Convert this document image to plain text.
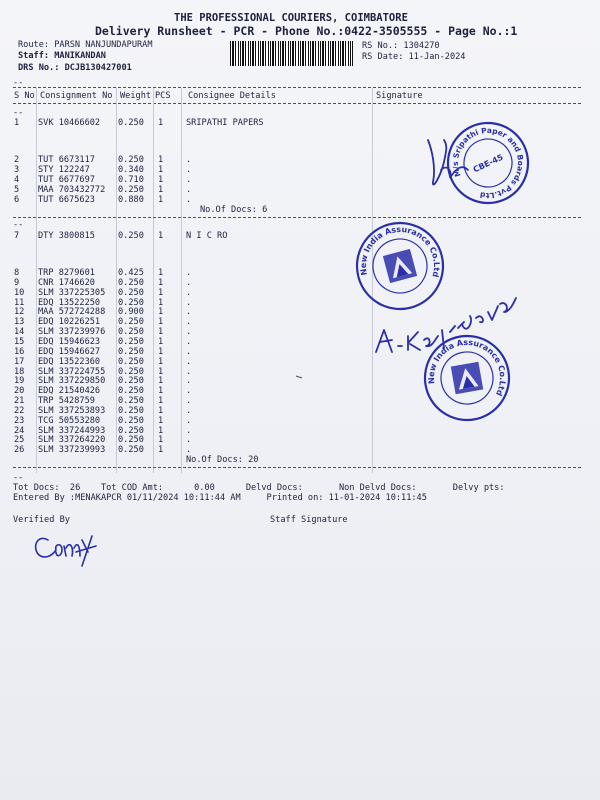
THE PROFESSIONAL COURIERS, COIMBATORE
Delivery Runsheet - PCR - Phone No.:0422-3505555 - Page No.:1
Route: PARSN NANJUNDAPURAM
Staff: MANIKANDAN
DRS No.: DCJB130427001
RS No.: 1304270
RS Date: 11-Jan-2024
--
S No Consignment No Weight PCS Consignee Details	Signature
--
1 SVK 10466602 0.250 1	SRIPATHI PAPERS
2 TUT 6673117	0.250 1	.
3 STY 122247	0.340 1	.
4 TUT 6677697	0.710 1	.
5 MAA 703432772 0.250 1	.
6 TUT 6675623	0.880 1	.
No.Of Docs: 6
--
7 DTY 3800815	0.250 1	N I C RO
8 TRP 8279601	0.425 1	.
9 CNR 1746620	0.250 1	.
10 SLM 337225305 0.250 1	.
11 EDQ 13522250 0.250 1	.
12 MAA 572724288 0.900 1	.
13 EDQ 10226251 0.250 1	.
14 SLM 337239976 0.250 1	.
15 EDQ 15946623 0.250 1	.
16 EDQ 15946627 0.250 1	.
17 EDQ 13522360 0.250 1	.
18 SLM 337224755 0.250 1	.
19 SLM 337229850 0.250 1	.
20 EDQ 21540426 0.250 1	.
21 TRP 5428759	0.250 1	.
22 SLM 337253893 0.250 1	.
23 TCG 50553280 0.250 1	.
24 SLM 337244993 0.250 1	.
25 SLM 337264220 0.250 1	.
26 SLM 337239993 0.250 1	.
No.Of Docs: 20
--
Tot Docs:  26    Tot COD Amt:      0.00      Delvd Docs:       Non Delvd Docs:       Delvy pts:
Entered By :MENAKAPCR 01/11/2024 10:11:44 AM     Printed on: 11-01-2024 10:11:45
Verified By	Staff Signature
M/s Sripathi Paper and Boards Pvt.Ltd
CBE-45
New India Assurance Co.Ltd
New India Assurance Co.Ltd
